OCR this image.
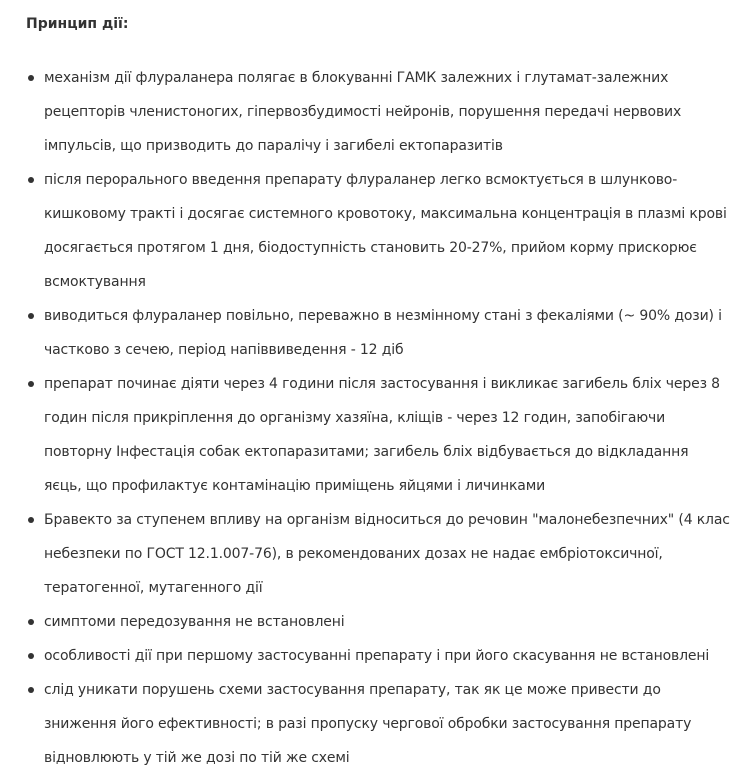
Принцип дії:
механізм дії флураланера полягає в блокуванні ГАМК залежних і глутамат-залежних рецепторів членистоногих, гіпервозбудимості нейронів, порушення передачі нервових імпульсів, що призводить до паралічу і загибелі ектопаразитів
після перорального введення препарату флураланер легко всмоктується в шлунково-кишковому тракті і досягає системного кровотоку, максимальна концентрація в плазмі крові досягається протягом 1 дня, біодоступність становить 20-27%, прийом корму прискорює всмоктування
виводиться флураланер повільно, переважно в незмінному стані з фекаліями (~ 90% дози) і частково з сечею, період напіввиведення - 12 діб
препарат починає діяти через 4 години після застосування і викликає загибель бліх через 8 годин після прикріплення до організму хазяїна, кліщів - через 12 годин, запобігаючи повторну Інфестація собак ектопаразитами; загибель бліх відбувається до відкладання яєць, що профилактує контамінацію приміщень яйцями і личинками
Бравекто за ступенем впливу на організм відноситься до речовин "малонебезпечних" (4 клас небезпеки по ГОСТ 12.1.007-76), в рекомендованих дозах не надає ембріотоксичної, тератогенної, мутагенного дії
симптоми передозування не встановлені
особливості дії при першому застосуванні препарату і при його скасування не встановлені
слід уникати порушень схеми застосування препарату, так як це може привести до зниження його ефективності; в разі пропуску чергової обробки застосування препарату відновлюють у тій же дозі по тій же схемі
